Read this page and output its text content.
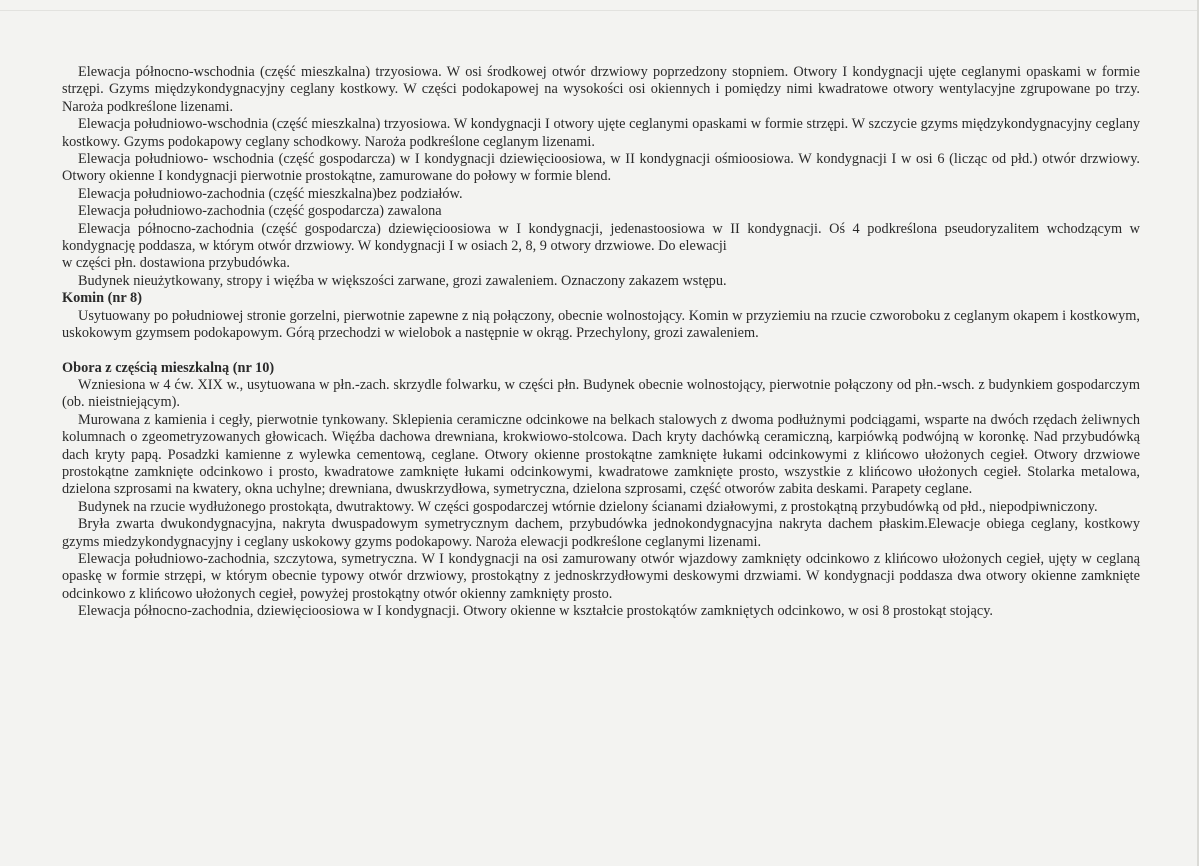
Elewacja północno-wschodnia (część mieszkalna) trzyosiowa. W osi środkowej otwór drzwiowy poprzedzony stopniem. Otwory I kondygnacji ujęte ceglanymi opaskami w formie strzępi. Gzyms międzykondygnacyjny ceglany kostkowy. W części podokapowej na wysokości osi okiennych i pomiędzy nimi kwadratowe otwory wentylacyjne zgrupowane po trzy. Naroża podkreślone lizenami.

Elewacja południowo-wschodnia (część mieszkalna) trzyosiowa. W kondygnacji I otwory ujęte ceglanymi opaskami w formie strzępi. W szczycie gzyms międzykondygnacyjny ceglany kostkowy. Gzyms podokapowy ceglany schodkowy. Naroża podkreślone ceglanym lizenami.

Elewacja południowo- wschodnia (część gospodarcza) w I kondygnacji dziewięcioosiowa, w II kondygnacji ośmioosiowa. W kondygnacji I w osi 6 (licząc od płd.) otwór drzwiowy. Otwory okienne I kondygnacji pierwotnie prostokątne, zamurowane do połowy w formie blend.

Elewacja południowo-zachodnia (część mieszkalna)bez podziałów.

Elewacja południowo-zachodnia (część gospodarcza) zawalona

Elewacja północno-zachodnia (część gospodarcza) dziewięcioosiowa w I kondygnacji, jedenastoosiowa w II kondygnacji. Oś 4 podkreślona pseudoryzalitem wchodzącym w kondygnację poddasza, w którym otwór drzwiowy. W kondygnacji I w osiach 2, 8, 9 otwory drzwiowe. Do elewacji

w części płn. dostawiona przybudówka.

Budynek nieużytkowany, stropy i więźba w większości zarwane, grozi zawaleniem. Oznaczony zakazem wstępu.

Komin (nr 8)

Usytuowany po południowej stronie gorzelni, pierwotnie zapewne z nią połączony, obecnie wolnostojący. Komin w przyziemiu na rzucie czworoboku z ceglanym okapem i kostkowym, uskokowym gzymsem podokapowym. Górą przechodzi w wielobok a następnie w okrąg. Przechylony, grozi zawaleniem.

Obora z częścią mieszkalną (nr 10)

Wzniesiona w 4 ćw. XIX w., usytuowana w płn.-zach. skrzydle folwarku, w części płn. Budynek obecnie wolnostojący, pierwotnie połączony od płn.-wsch. z budynkiem gospodarczym (ob. nieistniejącym).

Murowana z kamienia i cegły, pierwotnie tynkowany. Sklepienia ceramiczne odcinkowe na belkach stalowych z dwoma podłużnymi podciągami, wsparte na dwóch rzędach żeliwnych kolumnach o zgeometryzowanych głowicach. Więźba dachowa drewniana, krokwiowo-stolcowa. Dach kryty dachówką ceramiczną, karpiówką podwójną w koronkę. Nad przybudówką dach kryty papą. Posadzki kamienne z wylewka cementową, ceglane. Otwory okienne prostokątne zamknięte łukami odcinkowymi z klińcowo ułożonych cegieł. Otwory drzwiowe prostokątne zamknięte odcinkowo i prosto, kwadratowe zamknięte łukami odcinkowymi, kwadratowe zamknięte prosto, wszystkie z klińcowo ułożonych cegieł. Stolarka metalowa, dzielona szprosami na kwatery, okna uchylne; drewniana, dwuskrzydłowa, symetryczna, dzielona szprosami, część otworów zabita deskami. Parapety ceglane.

Budynek na rzucie wydłużonego prostokąta, dwutraktowy. W części gospodarczej wtórnie dzielony ścianami działowymi, z prostokątną przybudówką od płd., niepodpiwniczony.

Bryła zwarta dwukondygnacyjna, nakryta dwuspadowym symetrycznym dachem, przybudówka jednokondygnacyjna nakryta dachem płaskim.Elewacje obiega ceglany, kostkowy gzyms miedzykondygnacyjny i ceglany uskokowy gzyms podokapowy. Naroża elewacji podkreślone ceglanymi lizenami.

Elewacja południowo-zachodnia, szczytowa, symetryczna. W I kondygnacji na osi zamurowany otwór wjazdowy zamknięty odcinkowo z klińcowo ułożonych cegieł, ujęty w ceglaną opaskę w formie strzępi, w którym obecnie typowy otwór drzwiowy, prostokątny z jednoskrzydłowymi deskowymi drzwiami. W kondygnacji poddasza dwa otwory okienne zamknięte odcinkowo z klińcowo ułożonych cegieł, powyżej prostokątny otwór okienny zamknięty prosto.

Elewacja północno-zachodnia, dziewięcioosiowa w I kondygnacji. Otwory okienne w kształcie prostokątów zamkniętych odcinkowo, w osi 8 prostokąt stojący.
